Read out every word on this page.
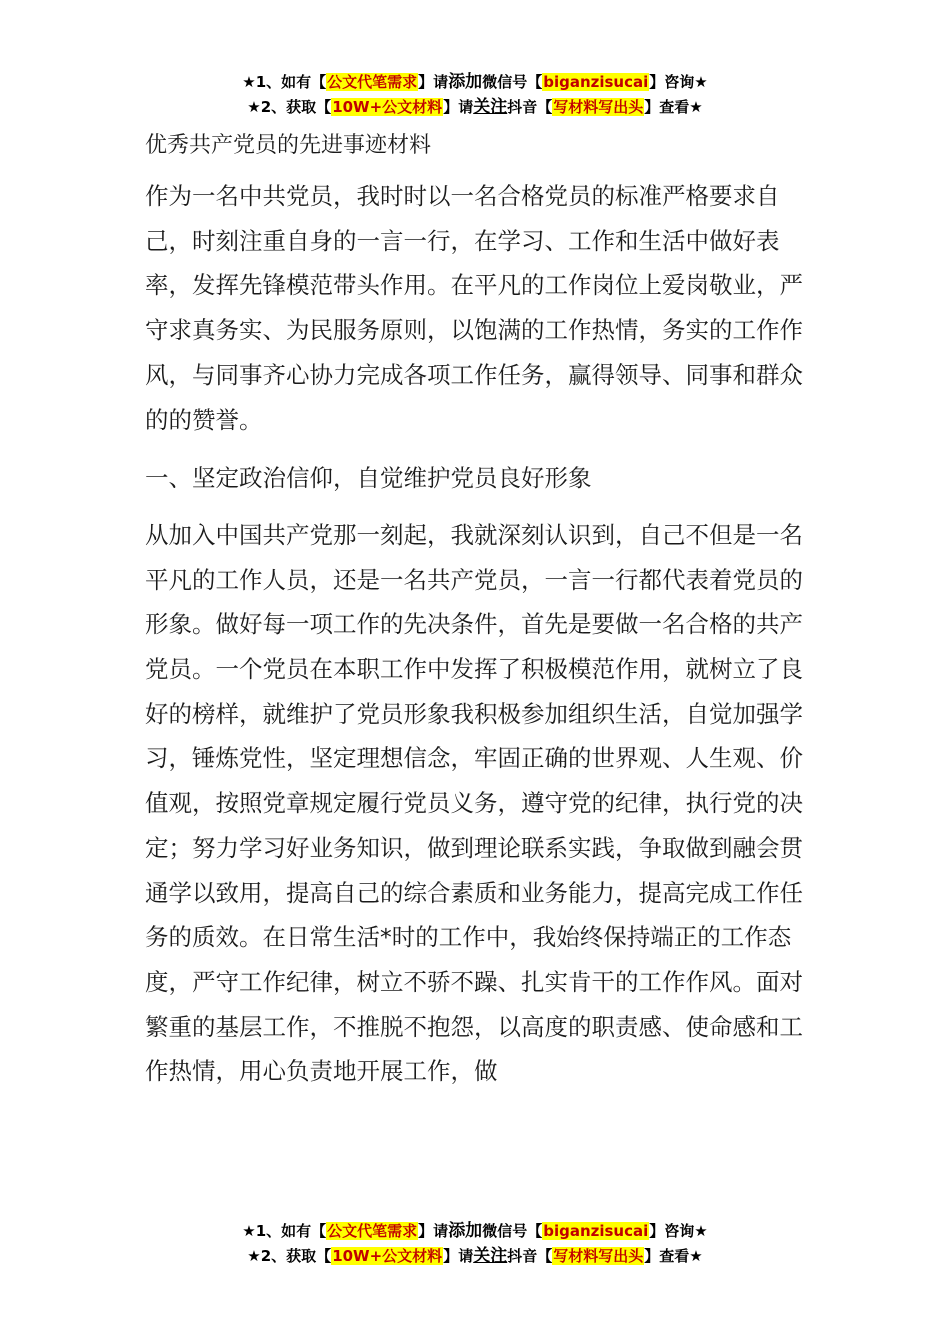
★1、如有【公文代笔需求】请添加微信号【biganzisucai】咨询★
★2、获取【10W+公文材料】请关注抖音【写材料写出头】查看★
优秀共产党员的先进事迹材料

作为一名中共党员，我时时以一名合格党员的标准严格要求自己，时刻注重自身的一言一行，在学习、工作和生活中做好表率，发挥先锋模范带头作用。在平凡的工作岗位上爱岗敬业，严守求真务实、为民服务原则，以饱满的工作热情，务实的工作作风，与同事齐心协力完成各项工作任务，赢得领导、同事和群众的的赞誉。

一、坚定政治信仰，自觉维护党员良好形象

从加入中国共产党那一刻起，我就深刻认识到，自己不但是一名平凡的工作人员，还是一名共产党员，一言一行都代表着党员的形象。做好每一项工作的先决条件，首先是要做一名合格的共产党员。一个党员在本职工作中发挥了积极模范作用，就树立了良好的榜样，就维护了党员形象我积极参加组织生活，自觉加强学习，锤炼党性，坚定理想信念，牢固正确的世界观、人生观、价值观，按照党章规定履行党员义务，遵守党的纪律，执行党的决定；努力学习好业务知识，做到理论联系实践，争取做到融会贯通学以致用，提高自己的综合素质和业务能力，提高完成工作任务的质效。在日常生活*时的工作中，我始终保持端正的工作态度，严守工作纪律，树立不骄不躁、扎实肯干的工作作风。面对繁重的基层工作，不推脱不抱怨，以高度的职责感、使命感和工作热情，用心负责地开展工作，做

★1、如有【公文代笔需求】请添加微信号【biganzisucai】咨询★
★2、获取【10W+公文材料】请关注抖音【写材料写出头】查看★
